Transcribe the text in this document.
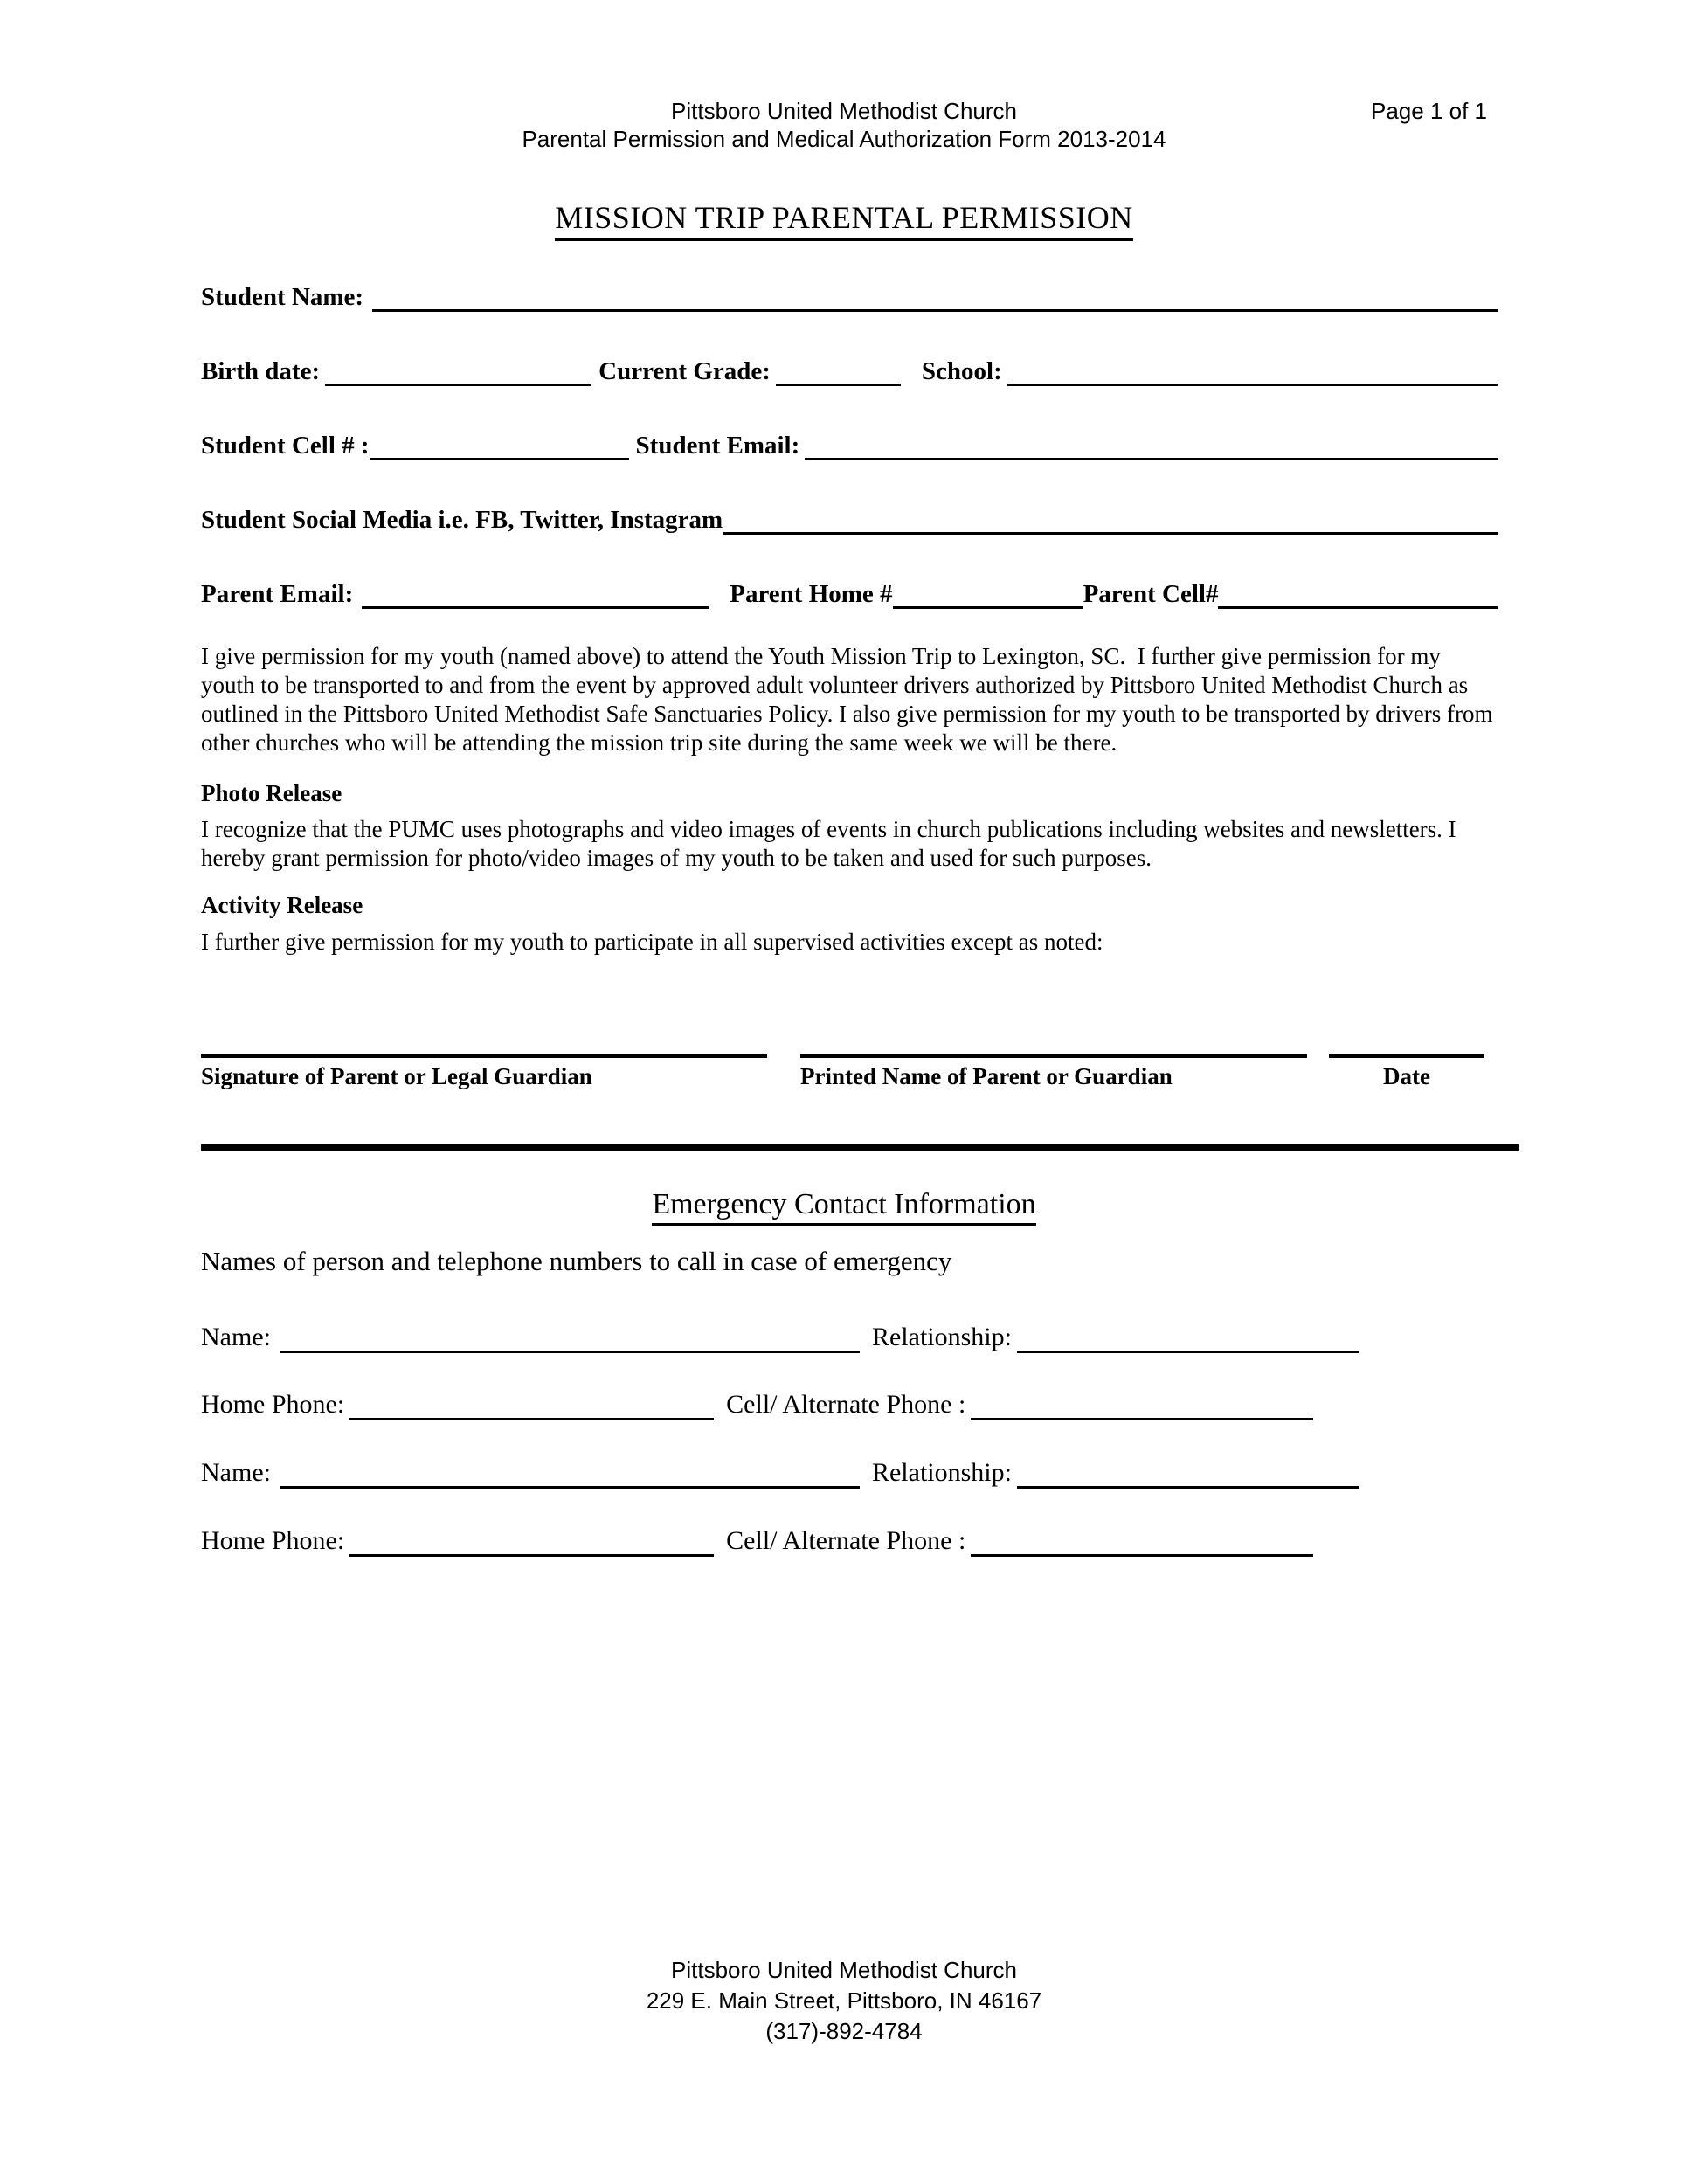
Pittsboro United Methodist Church
Parental Permission and Medical Authorization Form 2013-2014
Page 1 of 1
MISSION TRIP PARENTAL PERMISSION
Student Name:
Birth date:	Current Grade:	School:
Student Cell # :	Student Email:
Student Social Media i.e. FB, Twitter, Instagram
Parent Email:	Parent Home #	Parent Cell#
I give permission for my youth (named above) to attend the Youth Mission Trip to Lexington, SC.  I further give permission for my youth to be transported to and from the event by approved adult volunteer drivers authorized by Pittsboro United Methodist Church as outlined in the Pittsboro United Methodist Safe Sanctuaries Policy. I also give permission for my youth to be transported by drivers from other churches who will be attending the mission trip site during the same week we will be there.
Photo Release
I recognize that the PUMC uses photographs and video images of events in church publications including websites and newsletters. I hereby grant permission for photo/video images of my youth to be taken and used for such purposes.
Activity Release
I further give permission for my youth to participate in all supervised activities except as noted:
Signature of Parent or Legal Guardian	Printed Name of Parent or Guardian	Date
Emergency Contact Information
Names of person and telephone numbers to call in case of emergency
Name:	Relationship:
Home Phone:	Cell/ Alternate Phone :
Name:	Relationship:
Home Phone:	Cell/ Alternate Phone :
Pittsboro United Methodist Church
229 E. Main Street, Pittsboro, IN 46167
(317)-892-4784
